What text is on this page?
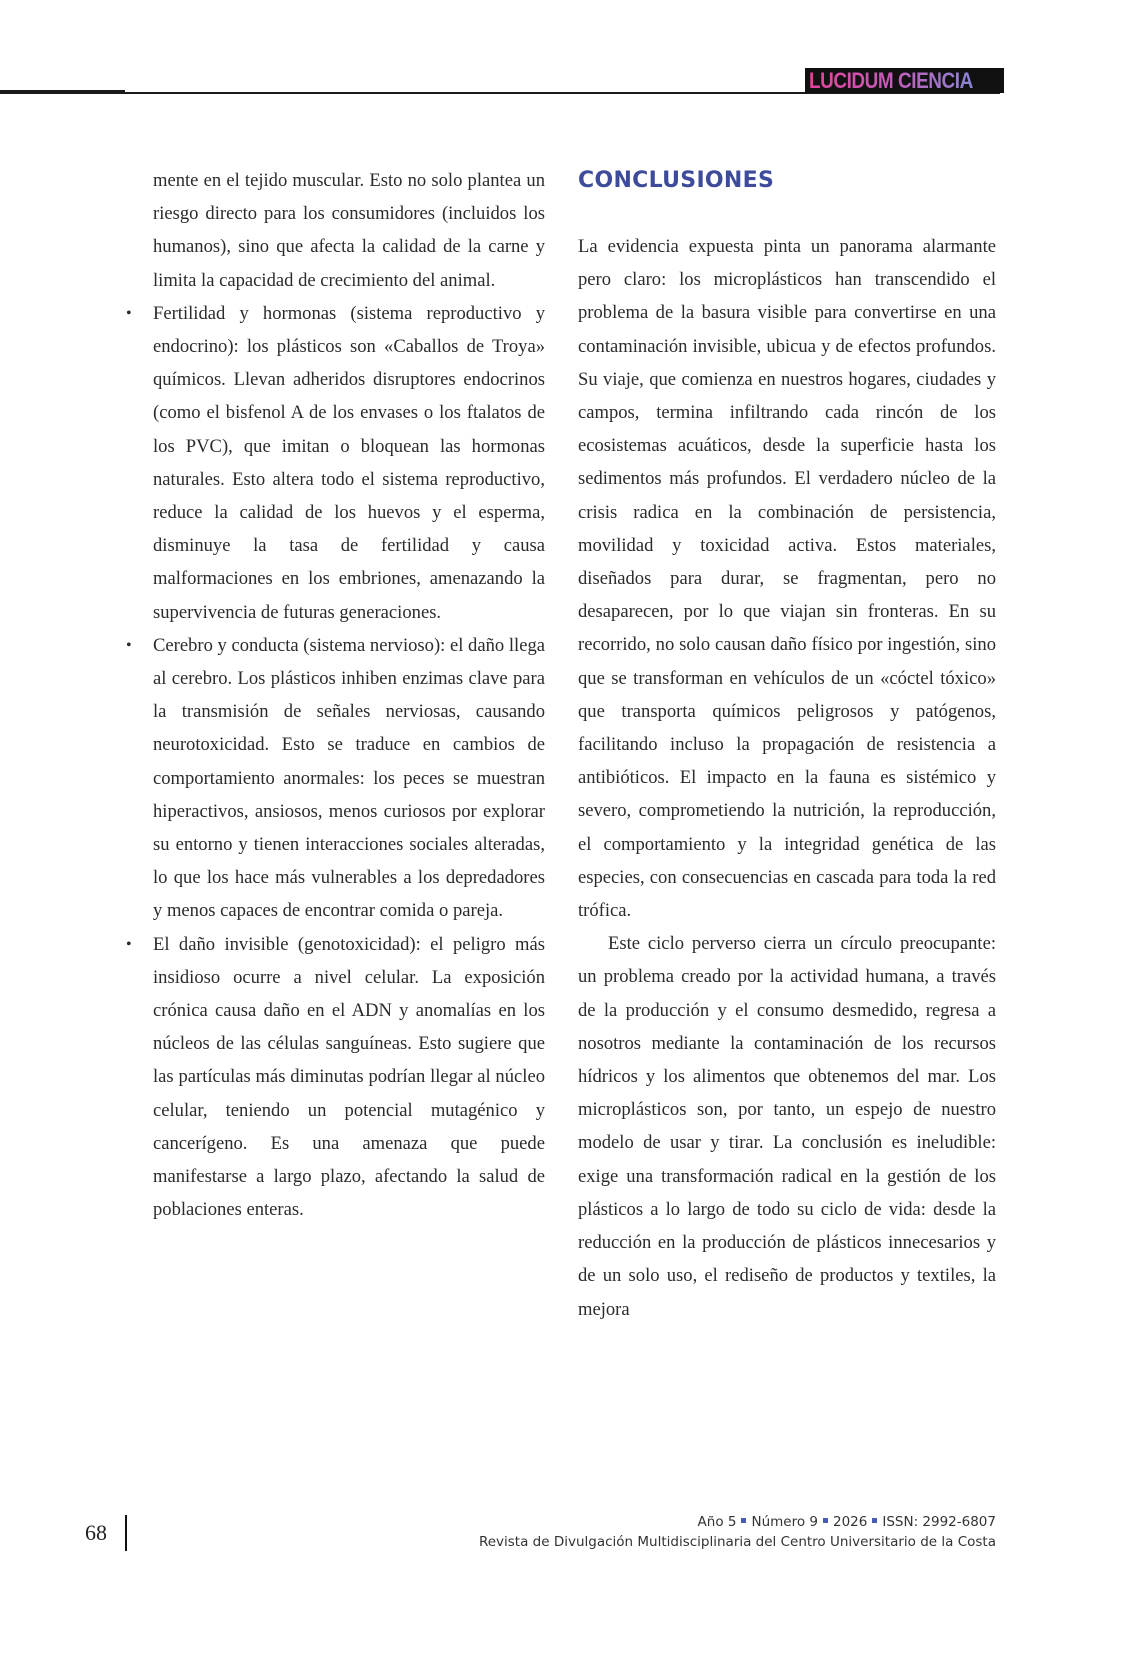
LUCIDUM CIENCIA

mente en el tejido muscular. Esto no solo plantea un riesgo directo para los consumidores (incluidos los humanos), sino que afecta la calidad de la carne y limita la capacidad de crecimiento del animal.

• Fertilidad y hormonas (sistema reproductivo y endocrino): los plásticos son «Caballos de Troya» químicos. Llevan adheridos disruptores endocrinos (como el bisfenol A de los envases o los ftalatos de los PVC), que imitan o bloquean las hormonas naturales. Esto altera todo el sistema reproductivo, reduce la calidad de los huevos y el esperma, disminuye la tasa de fertilidad y causa malformaciones en los embriones, amenazando la supervivencia de futuras generaciones.
• Cerebro y conducta (sistema nervioso): el daño llega al cerebro. Los plásticos inhiben enzimas clave para la transmisión de señales nerviosas, causando neurotoxicidad. Esto se traduce en cambios de comportamiento anormales: los peces se muestran hiperactivos, ansiosos, menos curiosos por explorar su entorno y tienen interacciones sociales alteradas, lo que los hace más vulnerables a los depredadores y menos capaces de encontrar comida o pareja.
• El daño invisible (genotoxicidad): el peligro más insidioso ocurre a nivel celular. La exposición crónica causa daño en el ADN y anomalías en los núcleos de las células sanguíneas. Esto sugiere que las partículas más diminutas podrían llegar al núcleo celular, teniendo un potencial mutagénico y cancerígeno. Es una amenaza que puede manifestarse a largo plazo, afectando la salud de poblaciones enteras.
CONCLUSIONES

La evidencia expuesta pinta un panorama alarmante pero claro: los microplásticos han transcendido el problema de la basura visible para convertirse en una contaminación invisible, ubicua y de efectos profundos. Su viaje, que comienza en nuestros hogares, ciudades y campos, termina infiltrando cada rincón de los ecosistemas acuáticos, desde la superficie hasta los sedimentos más profundos. El verdadero núcleo de la crisis radica en la combinación de persistencia, movilidad y toxicidad activa. Estos materiales, diseñados para durar, se fragmentan, pero no desaparecen, por lo que viajan sin fronteras. En su recorrido, no solo causan daño físico por ingestión, sino que se transforman en vehículos de un «cóctel tóxico» que transporta químicos peligrosos y patógenos, facilitando incluso la propagación de resistencia a antibióticos. El impacto en la fauna es sistémico y severo, comprometiendo la nutrición, la reproducción, el comportamiento y la integridad genética de las especies, con consecuencias en cascada para toda la red trófica.

Este ciclo perverso cierra un círculo preocupante: un problema creado por la actividad humana, a través de la producción y el consumo desmedido, regresa a nosotros mediante la contaminación de los recursos hídricos y los alimentos que obtenemos del mar. Los microplásticos son, por tanto, un espejo de nuestro modelo de usar y tirar. La conclusión es ineludible: exige una transformación radical en la gestión de los plásticos a lo largo de todo su ciclo de vida: desde la reducción en la producción de plásticos innecesarios y de un solo uso, el rediseño de productos y textiles, la mejora

68	Año 5 Número 9 2026 ISSN: 2992-6807
Revista de Divulgación Multidisciplinaria del Centro Universitario de la Costa
